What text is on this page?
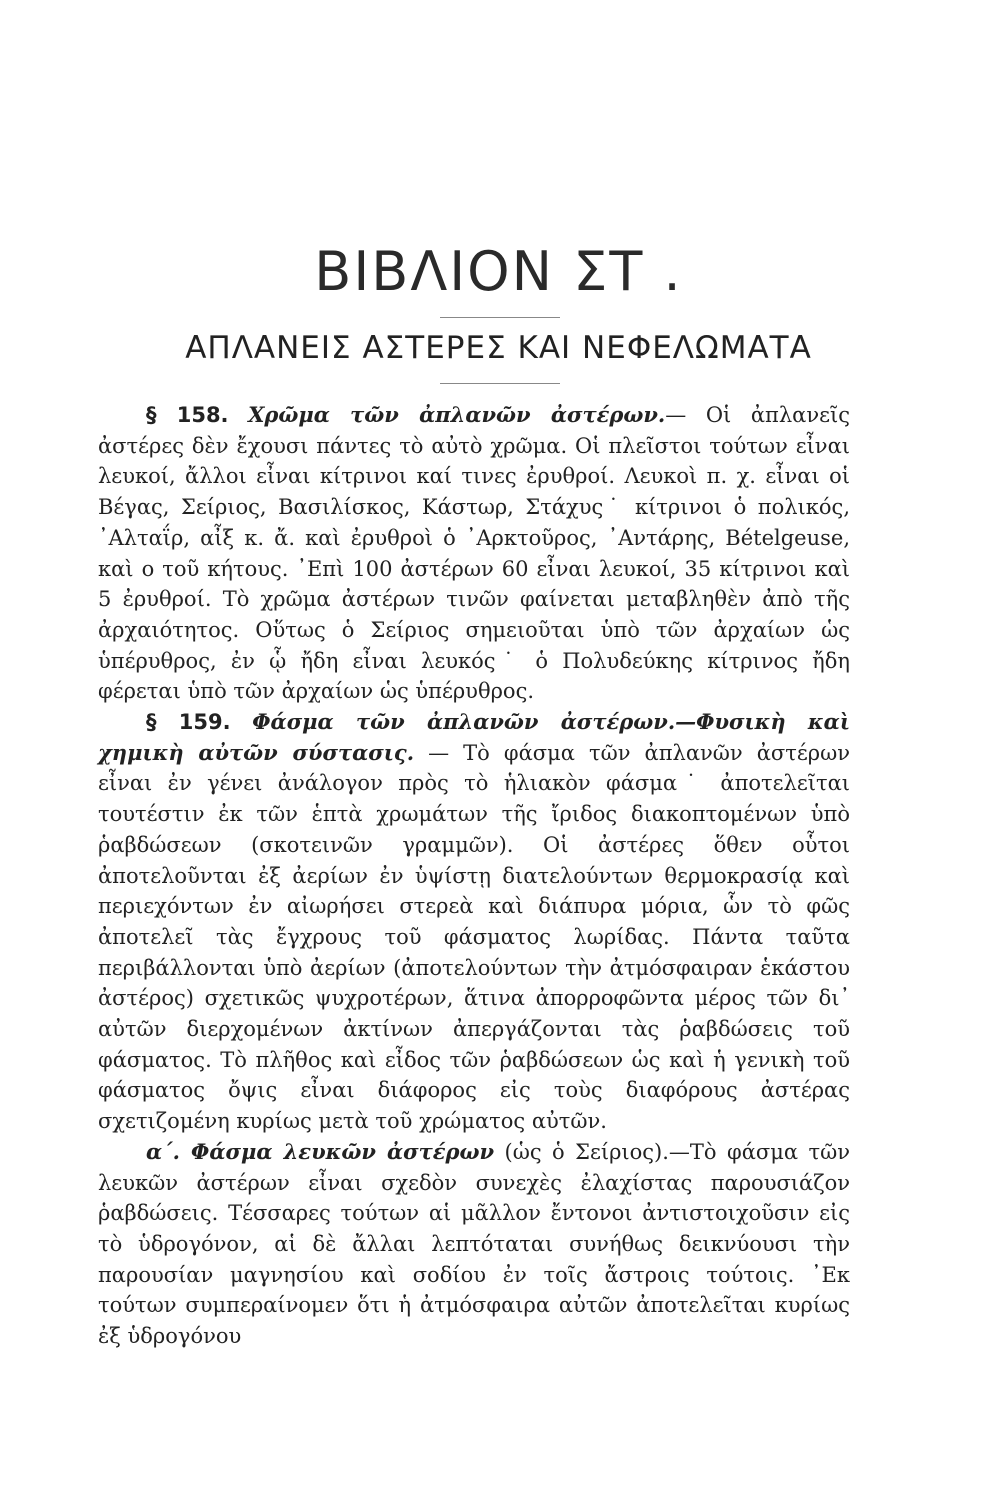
ΒΙΒΛΙΟΝ ΣΤ .
ΑΠΛΑΝΕΙΣ ΑΣΤΕΡΕΣ ΚΑΙ ΝΕΦΕΛΩΜΑΤΑ

§ 158. Χρῶμα τῶν ἀπλανῶν ἀστέρων.— Οἱ ἀπλανεῖς ἀστέρες δὲν ἔχουσι πάντες τὸ αὐτὸ χρῶμα. Οἱ πλεῖστοι τούτων εἶναι λευκοί, ἄλλοι εἶναι κίτρινοι καί τινες ἐρυθροί. Λευκοὶ π. χ. εἶναι οἱ Βέγας, Σείριος, Βασιλίσκος, Κάστωρ, Στάχυς˙ κίτρινοι ὁ πολικός, ᾿Αλταΐρ, αἶξ κ. ἄ. καὶ ἐρυθροὶ ὁ ᾿Αρκτοῦρος, ᾿Αντάρης, Bételgeuse, καὶ ο τοῦ κήτους. ᾿Επὶ 100 ἀστέρων 60 εἶναι λευκοί, 35 κίτρινοι καὶ 5 ἐρυθροί. Τὸ χρῶμα ἀστέρων τινῶν φαίνεται μεταβληθὲν ἀπὸ τῆς ἀρχαιότητος. Οὕτως ὁ Σείριος σημειοῦται ὑπὸ τῶν ἀρχαίων ὡς ὑπέρυθρος, ἐν ᾧ ἤδη εἶναι λευκός˙ ὁ Πολυδεύκης κίτρινος ἤδη φέρεται ὑπὸ τῶν ἀρχαίων ὡς ὑπέρυθρος.

§ 159. Φάσμα τῶν ἀπλανῶν ἀστέρων.—Φυσικὴ καὶ χημικὴ αὐτῶν σύστασις. — Τὸ φάσμα τῶν ἀπλανῶν ἀστέρων εἶναι ἐν γένει ἀνάλογον πρὸς τὸ ἡλιακὸν φάσμα˙ ἀποτελεῖται τουτέστιν ἐκ τῶν ἑπτὰ χρωμάτων τῆς ἴριδος διακοπτομένων ὑπὸ ῥαβδώσεων (σκοτεινῶν γραμμῶν). Οἱ ἀστέρες ὅθεν οὗτοι ἀποτελοῦνται ἐξ ἀερίων ἐν ὑψίστῃ διατελούντων θερμοκρασίᾳ καὶ περιεχόντων ἐν αἰωρήσει στερεὰ καὶ διάπυρα μόρια, ὧν τὸ φῶς ἀποτελεῖ τὰς ἔγχρους τοῦ φάσματος λωρίδας. Πάντα ταῦτα περιβάλλονται ὑπὸ ἀερίων (ἀποτελούντων τὴν ἀτμόσφαιραν ἑκάστου ἀστέρος) σχετικῶς ψυχροτέρων, ἅτινα ἀπορροφῶντα μέρος τῶν δι᾿ αὐτῶν διερχομένων ἀκτίνων ἀπεργάζονται τὰς ῥαβδώσεις τοῦ φάσματος. Τὸ πλῆθος καὶ εἶδος τῶν ῥαβδώσεων ὡς καὶ ἡ γενικὴ τοῦ φάσματος ὄψις εἶναι διάφορος εἰς τοὺς διαφόρους ἀστέρας σχετιζομένη κυρίως μετὰ τοῦ χρώματος αὐτῶν.

α΄. Φάσμα λευκῶν ἀστέρων (ὡς ὁ Σείριος).—Τὸ φάσμα τῶν λευκῶν ἀστέρων εἶναι σχεδὸν συνεχὲς ἐλαχίστας παρουσιάζον ῥαβδώσεις. Τέσσαρες τούτων αἱ μᾶλλον ἔντονοι ἀντιστοιχοῦσιν εἰς τὸ ὑδρογόνον, αἱ δὲ ἄλλαι λεπτόταται συνήθως δεικνύουσι τὴν παρουσίαν μαγνησίου καὶ σοδίου ἐν τοῖς ἄστροις τούτοις. ᾿Εκ τούτων συμπεραίνομεν ὅτι ἡ ἀτμόσφαιρα αὐτῶν ἀποτελεῖται κυρίως ἐξ ὑδρογόνου
